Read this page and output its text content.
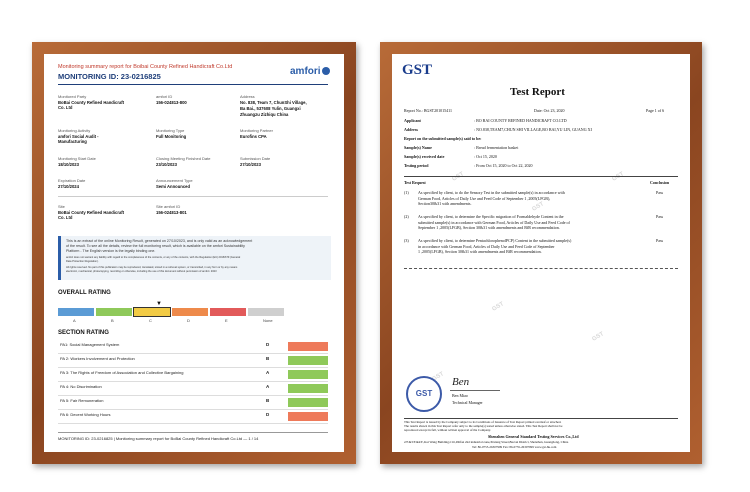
Monitoring summary report for Boibai County Refined Handicraft Co.Ltd
MONITORING ID: 23-0216825	amfori
Monitored Party
BoBai County Refined Handicraft Co. Ltd
amfori ID
156-024813-800
Address
No. 838, Team 7, ChunShi Village,
Ba Bai., 537608 Yulin, Guangxi
Zhuangzu Zizhiqu China
Monitoring Activity
amfori Social Audit - Manufacturing
Monitoring Type
Full Monitoring
Monitoring Partner
Eurofins CPA
Monitoring Start Date
18/10/2023
Closing Meeting Finished Date
23/10/2023
Submission Date
27/10/2023
Expiration Date
27/10/2024
Announcement Type
Semi Announced
Site
BoBai County Refined Handicraft Co. Ltd
Site amfori ID
156-024813-801
This is an extract of the online Monitoring Result, generated on 27/10/2023, and is only valid as an acknowledgement
of the result. To see all the details, review the full monitoring result, which is available on the amfori Sustainability
Platform - The English version is the legally binding one.
amfori does not warrant any liability with regard to the completeness of the contents, or any of the contents, with the Regulation (EU) 2016/679 (General
Data Protection Regulation).
All rights reserved. No part of this publication may be reproduced, translated, stored in a retrieval system, or transmitted, in any form or by any means
electronic, mechanical, photocopying, recording or otherwise, including the use of this document without permission of amfori. 2023
OVERALL RATING
▼
A	B	C	D	E	None
SECTION RATING
PA1: Social Management System	D
PA 2: Workers Involvement and Protection	B
PA 3: The Rights of Freedom of Association and Collective Bargaining	A
PA 4: No Discrimination	A
PA 5: Fair Remuneration	B
PA 6: Decent Working Hours	D
MONITORING ID: 23-0216825 | Monitoring summary report for BoBai County Refined Handicraft Co.Ltd — 1 / 14
GST
GST
GST
GST
GST
GST
GST
Test Report
Report No.: BGST201015411	Date: Oct 23, 2020	Page 1 of 6
Applicant	: BO BAI COUNTY REFINED HANDICRAFT CO.LTD
Address	: NO.838,TEAM7,CHUN SHI VILLAGE,BO BAI,YU LIN, GUANG XI
Report on the submitted sample(s) said to be:
Sample(s) Name	: Bread fermentation basket
Sample(s) received date	: Oct 15, 2020
Testing period	: From Oct 15, 2020 to Oct 22, 2020
Test Request	Conclusion
(1) As specified by client, to do the Sensory Test in the submitted sample(s) in accordance with
German Food, Articles of Daily Use and Feed Code of September 1 ,2005(LFGB),
Section30&31 with amendments.
Pass
(2) As specified by client, to determine the Specific migration of Formaldehyde Content in the
submitted sample(s) in accordance with German Food, Articles of Daily Use and Feed Code of
September 1 ,2005(LFGB), Section 30&31 with amendments and BfR recommendation.
Pass
(3) As specified by client, to determine PentachlorophenolPCP) Content in the submitted sample(s)
in accordance with German Food, Articles of Daily Use and Feed Code of September
1 ,2005(LFGB), Section 30&31 with amendments and BfR recommendation.
Pass
GST
Ben
Ben Miao
Technical Manager
This Test Report is issued by the Company subject to its Conditions of Issuance of Test Report printed overleaf or attached.
The results shown in this Test Report refer only to the sample(s) tested unless otherwise stated. This Test Report shall not be
reproduced except in full, without written approval of the Company.
Shenzhen General Standard Testing Services Co.,Ltd
2/F.&3/F.&4/F.,Kai Wang Building,C16,Zhifan 2nd industrial zone,Xixiang Street,Bao'an District, Shenzhen, Guangdong, China
Tel: 86-0755-26307999 Fax: 86-0755-26307999 www.gst-hk.com
